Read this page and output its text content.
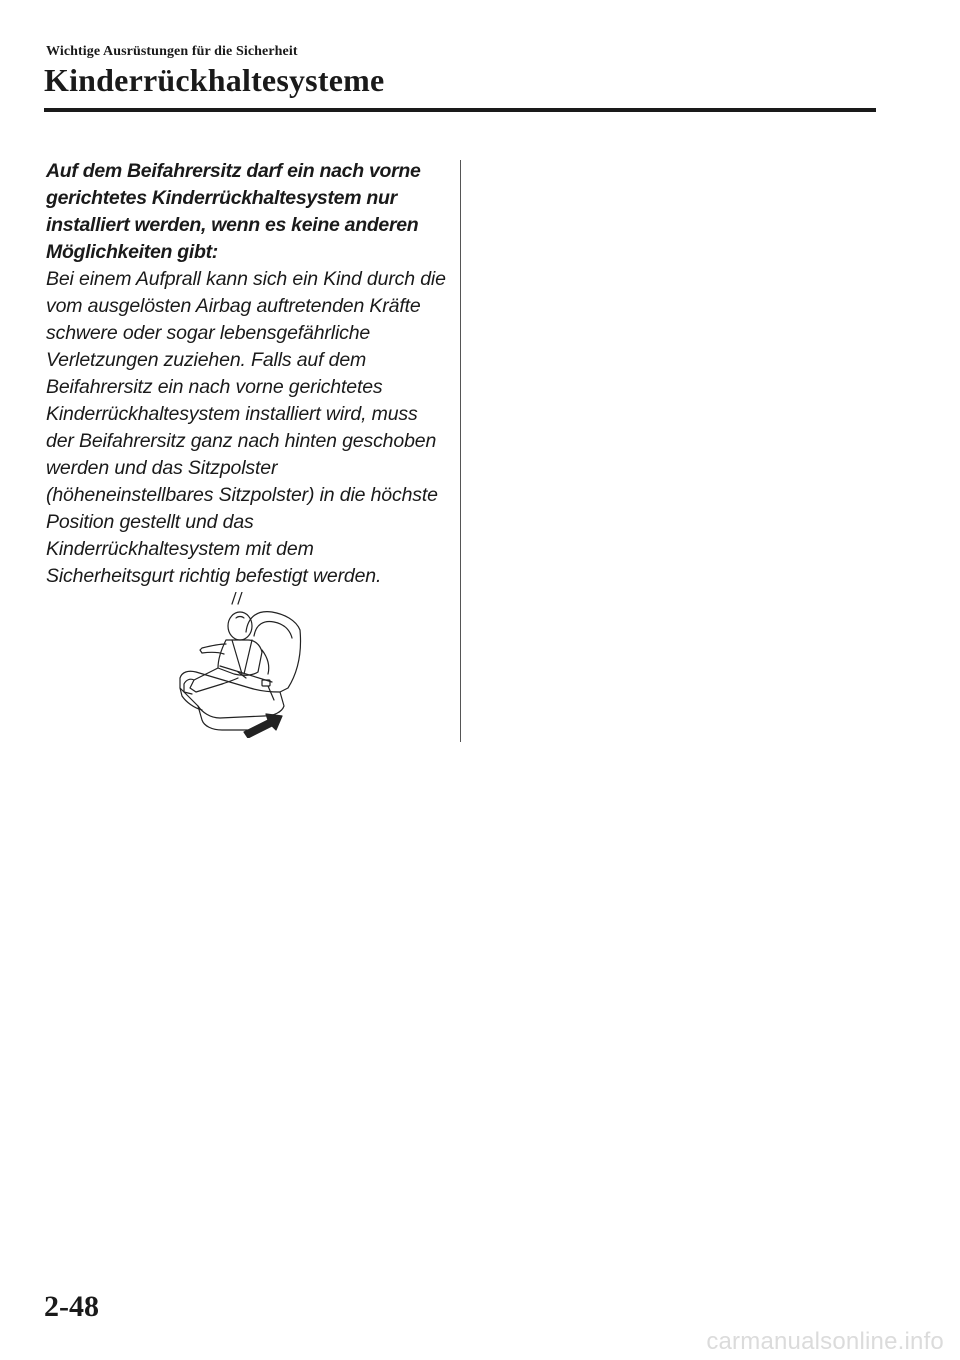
Wichtige Ausrüstungen für die Sicherheit
Kinderrückhaltesysteme

Auf dem Beifahrersitz darf ein nach vorne gerichtetes Kinderrückhaltesystem nur installiert werden, wenn es keine anderen Möglichkeiten gibt:

Bei einem Aufprall kann sich ein Kind durch die vom ausgelösten Airbag auftretenden Kräfte schwere oder sogar lebensgefährliche Verletzungen zuziehen. Falls auf dem Beifahrersitz ein nach vorne gerichtetes Kinderrückhaltesystem installiert wird, muss der Beifahrersitz ganz nach hinten geschoben werden und das Sitzpolster (höheneinstellbares Sitzpolster) in die höchste Position gestellt und das Kinderrückhaltesystem mit dem Sicherheitsgurt richtig befestigt werden.

2-48
carmanualsonline.info
